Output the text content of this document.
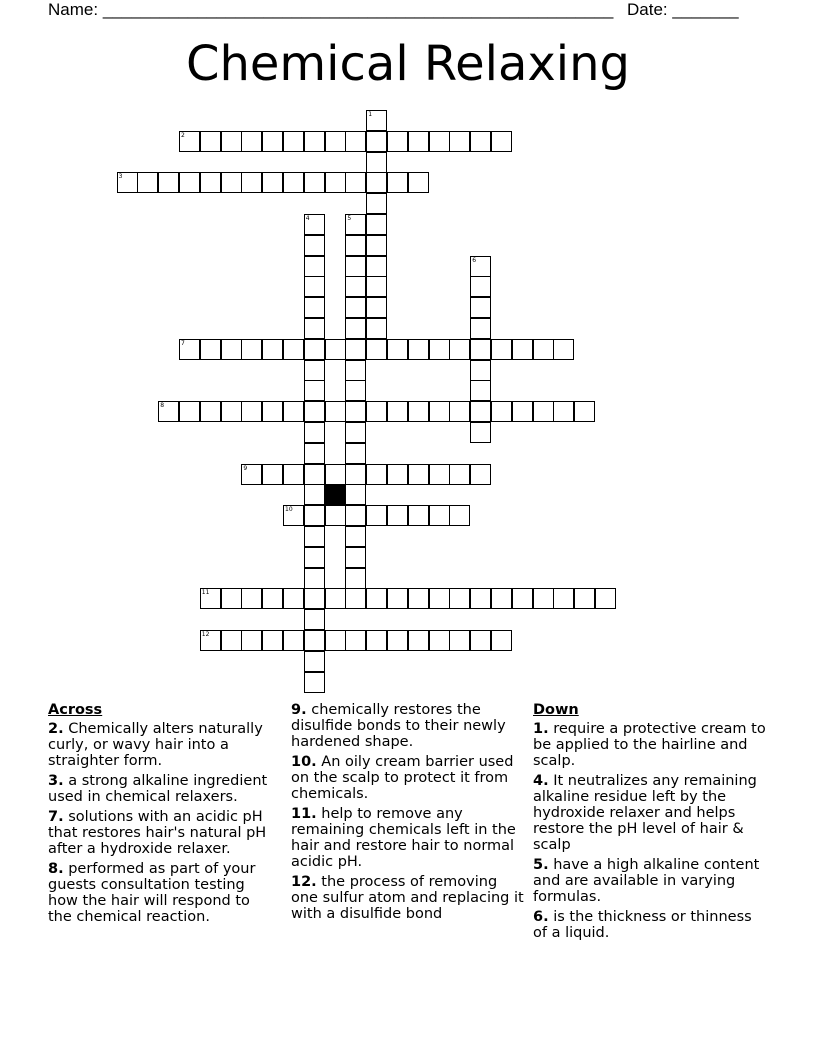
Name: ______________________________________________________ Date: _______
Chemical Relaxing
1
2
3
4	5
6
7
8
9
10
11
12
Across
2. Chemically alters naturally curly, or wavy hair into a straighter form.
3. a strong alkaline ingredient used in chemical relaxers.
7. solutions with an acidic pH that restores hair's natural pH after a hydroxide relaxer.
8. performed as part of your guests consultation testing how the hair will respond to the chemical reaction.
9. chemically restores the disulfide bonds to their newly hardened shape.
10. An oily cream barrier used on the scalp to protect it from chemicals.
11. help to remove any remaining chemicals left in the hair and restore hair to normal acidic pH.
12. the process of removing one sulfur atom and replacing it with a disulfide bond
Down
1. require a protective cream to be applied to the hairline and scalp.
4. It neutralizes any remaining alkaline residue left by the hydroxide relaxer and helps restore the pH level of hair & scalp
5. have a high alkaline content and are available in varying formulas.
6. is the thickness or thinness of a liquid.
